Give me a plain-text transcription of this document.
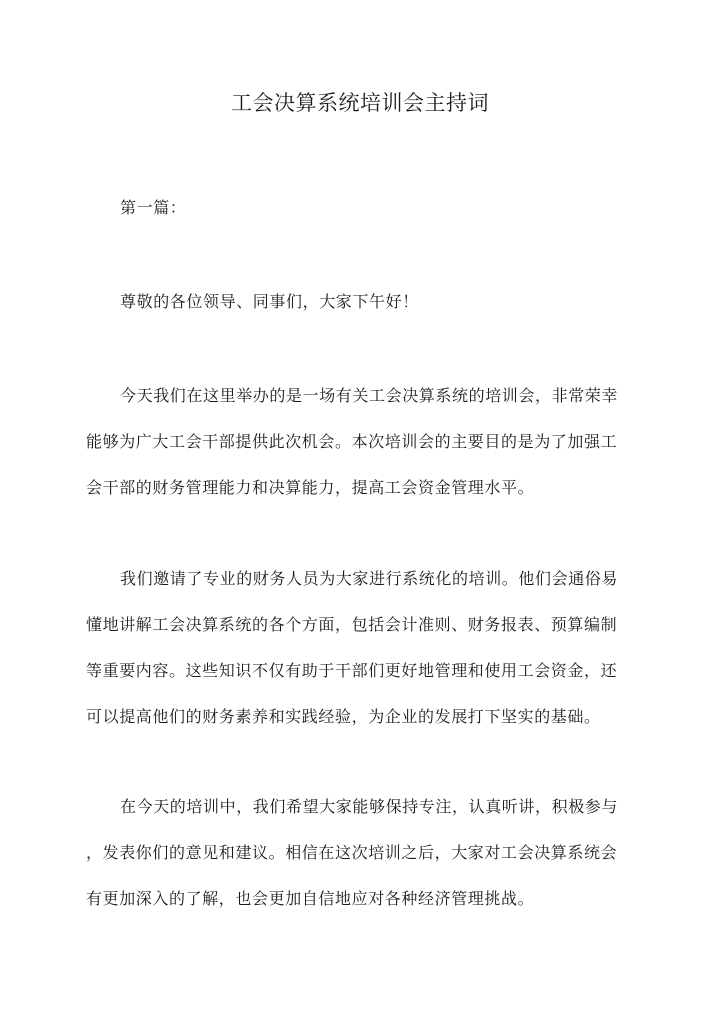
工会决算系统培训会主持词
第一篇：
尊敬的各位领导、同事们，大家下午好！
今天我们在这里举办的是一场有关工会决算系统的培训会，非常荣幸
能够为广大工会干部提供此次机会。本次培训会的主要目的是为了加强工
会干部的财务管理能力和决算能力，提高工会资金管理水平。
我们邀请了专业的财务人员为大家进行系统化的培训。他们会通俗易
懂地讲解工会决算系统的各个方面，包括会计准则、财务报表、预算编制
等重要内容。这些知识不仅有助于干部们更好地管理和使用工会资金，还
可以提高他们的财务素养和实践经验，为企业的发展打下坚实的基础。
在今天的培训中，我们希望大家能够保持专注，认真听讲，积极参与
，发表你们的意见和建议。相信在这次培训之后，大家对工会决算系统会
有更加深入的了解，也会更加自信地应对各种经济管理挑战。
